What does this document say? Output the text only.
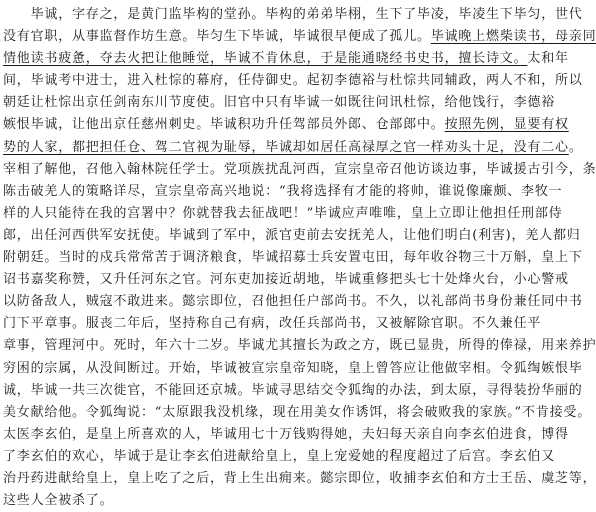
　　毕诚，字存之，是黄门监毕构的堂孙。毕构的弟弟毕栩，生下了毕凌，毕凌生下毕匀，世代
没有官职，从事监督作坊生意。毕匀生下毕诚，毕诚很早便成了孤儿。毕诚晚上燃柴读书，母亲同
情他读书疲惫，夺去火把让他睡觉，毕诚不肯休息，于是能通晓经书史书，擅长诗文。太和年
间，毕诚考中进士，进入杜悰的幕府，任侍御史。起初李德裕与杜悰共同辅政，两人不和，所以
朝廷让杜悰出京任剑南东川节度使。旧官中只有毕诚一如既往问讯杜悰，给他饯行，李德裕
嫉恨毕诚，让他出京任慈州刺史。毕诚积功升任驾部员外郎、仓部郎中。按照先例，显要有权
势的人家，都把担任仓、驾二官视为耻辱，毕诚却如居任高禄厚之官一样劝头十足，没有二心。
宰相了解他，召他入翰林院任学士。党项族扰乱河西，宣宗皇帝召他访谈边事，毕诚援古引今，条
陈击破羌人的策略详尽，宣宗皇帝高兴地说：“我将选择有才能的将帅，谁说像廉颇、李牧一
样的人只能待在我的宫署中？你就替我去征战吧！”毕诚应声唯唯，皇上立即让他担任刑部侍
郎，出任河西供军安抚使。毕诚到了军中，派官吏前去安抚羌人，让他们明白(利害)，羌人都归
附朝廷。当时的戍兵常常苦于调济粮食，毕诚招募士兵安置屯田，每年收谷物三十万斛，皇上下
诏书嘉奖称赞，又升任河东之官。河东吏加接近胡地，毕诚重修把头七十处烽火台，小心警戒
以防备敌人，贼寇不敢进来。懿宗即位，召他担任户部尚书。不久，以礼部尚书身份兼任同中书
门下平章事。服丧二年后，坚持称自己有病，改任兵部尚书，又被解除官职。不久兼任平
章事，管理河中。死时，年六十二岁。毕诚尤其擅长为政之方，既已显贵，所得的俸禄，用来养护
穷困的宗属，从没间断过。开始，毕诚被宣宗皇帝知晓，皇上曾答应让他做宰相。令狐绹嫉恨毕
诚，毕诚一共三次徙官，不能回还京城。毕诚寻思结交令狐绹的办法，到太原，寻得装扮华丽的
美女献给他。令狐绹说：“太原跟我没机缘，现在用美女作诱饵，将会破败我的家族。”不肯接受。
太医李玄伯，是皇上所喜欢的人，毕诚用七十万钱购得她，夫妇每天亲自向李玄伯进食，博得
了李玄伯的欢心，毕诚于是让李玄伯进献给皇上，皇上宠爱她的程度超过了后宫。李玄伯又
治丹药进献给皇上，皇上吃了之后，背上生出痈来。懿宗即位，收捕李玄伯和方士王岳、虞芝等，
这些人全被杀了。
